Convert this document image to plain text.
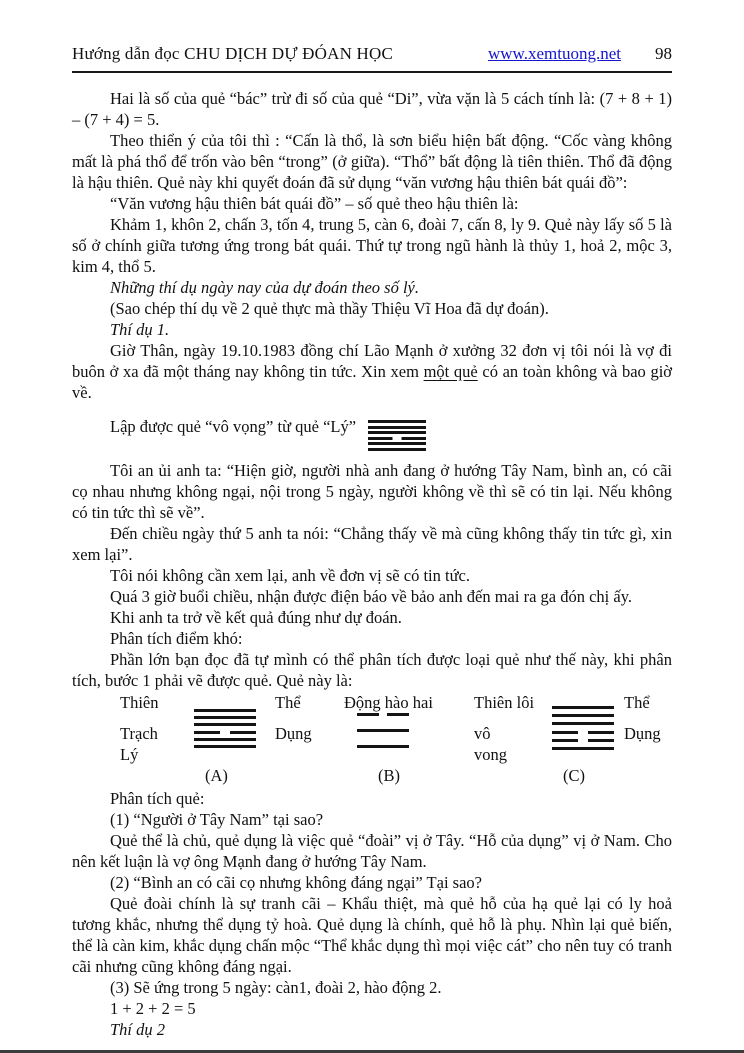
Hướng dẫn đọc CHU DỊCH DỰ ĐÓAN HỌC	www.xemtuong.net 98

Hai là số của quẻ “bác” trừ đi số của quẻ “Di”, vừa vặn là 5 cách tính là: (7 + 8 + 1) – (7 + 4) = 5.

Theo thiển ý của tôi thì : “Cấn là thổ, là sơn biểu hiện bất động. “Cốc vàng không mất là phá thổ để trốn vào bên “trong” (ở giữa). “Thổ” bất động là tiên thiên. Thổ đã động là hậu thiên. Quẻ này khi quyết đoán đã sử dụng “văn vương hậu thiên bát quái đồ”:

“Văn vương hậu thiên bát quái đồ” – số quẻ theo hậu thiên là:

Khảm 1, khôn 2, chấn 3, tốn 4, trung 5, càn 6, đoài 7, cấn 8, ly 9. Quẻ này lấy số 5 là số ở chính giữa tương ứng trong bát quái. Thứ tự trong ngũ hành là thủy 1, hoả 2, mộc 3, kim 4, thổ 5.

Những thí dụ ngày nay của dự đoán theo số lý.

(Sao chép thí dụ về 2 quẻ thực mà thầy Thiệu Vĩ Hoa đã dự đoán).

Thí dụ 1.

Giờ Thân, ngày 19.10.1983 đồng chí Lão Mạnh ở xưởng 32 đơn vị tôi nói là vợ đi buôn ở xa đã một tháng nay không tin tức. Xin xem một quẻ có an toàn không và bao giờ về.

Lập được quẻ “vô vọng” từ quẻ “Lý”

Tôi an ủi anh ta: “Hiện giờ, người nhà anh đang ở hướng Tây Nam, bình an, có cãi cọ nhau nhưng không ngại, nội trong 5 ngày, người không về thì sẽ có tin lại. Nếu không có tin tức thì sẽ về”.

Đến chiều ngày thứ 5 anh ta nói: “Chẳng thấy về mà cũng không thấy tin tức gì, xin xem lại”.

Tôi nói không cần xem lại, anh về đơn vị sẽ có tin tức.

Quá 3 giờ buổi chiều, nhận được điện báo về bảo anh đến mai ra ga đón chị ấy.

Khi anh ta trở về kết quả đúng như dự đoán.

Phân tích điểm khó:

Phần lớn bạn đọc đã tự mình có thể phân tích được loại quẻ như thế này, khi phân tích, bước 1 phải vẽ được quẻ. Quẻ này là:

Thiên	Thể	Động hào hai Thiên lôi	Thể
Trạch	Dụng	vô	Dụng
Lý	vong
(A)	(B)	(C)

Phân tích quẻ:

(1) “Người ở Tây Nam” tại sao?

Quẻ thể là chủ, quẻ dụng là việc quẻ “đoài” vị ở Tây. “Hỗ của dụng” vị ở Nam. Cho nên kết luận là vợ ông Mạnh đang ở hướng Tây Nam.

(2) “Bình an có cãi cọ nhưng không đáng ngại” Tại sao?

Quẻ đoài chính là sự tranh cãi – Khẩu thiệt, mà quẻ hỗ của hạ quẻ lại có ly hoả tương khắc, nhưng thể dụng tỷ hoà. Quẻ dụng là chính, quẻ hỗ là phụ. Nhìn lại quẻ biến, thể là càn kim, khắc dụng chấn mộc “Thể khắc dụng thì mọi việc cát” cho nên tuy có tranh cãi nhưng cũng không đáng ngại.

(3) Sẽ ứng trong 5 ngày: càn1, đoài 2, hào động 2.

1 + 2 + 2 = 5

Thí dụ 2
